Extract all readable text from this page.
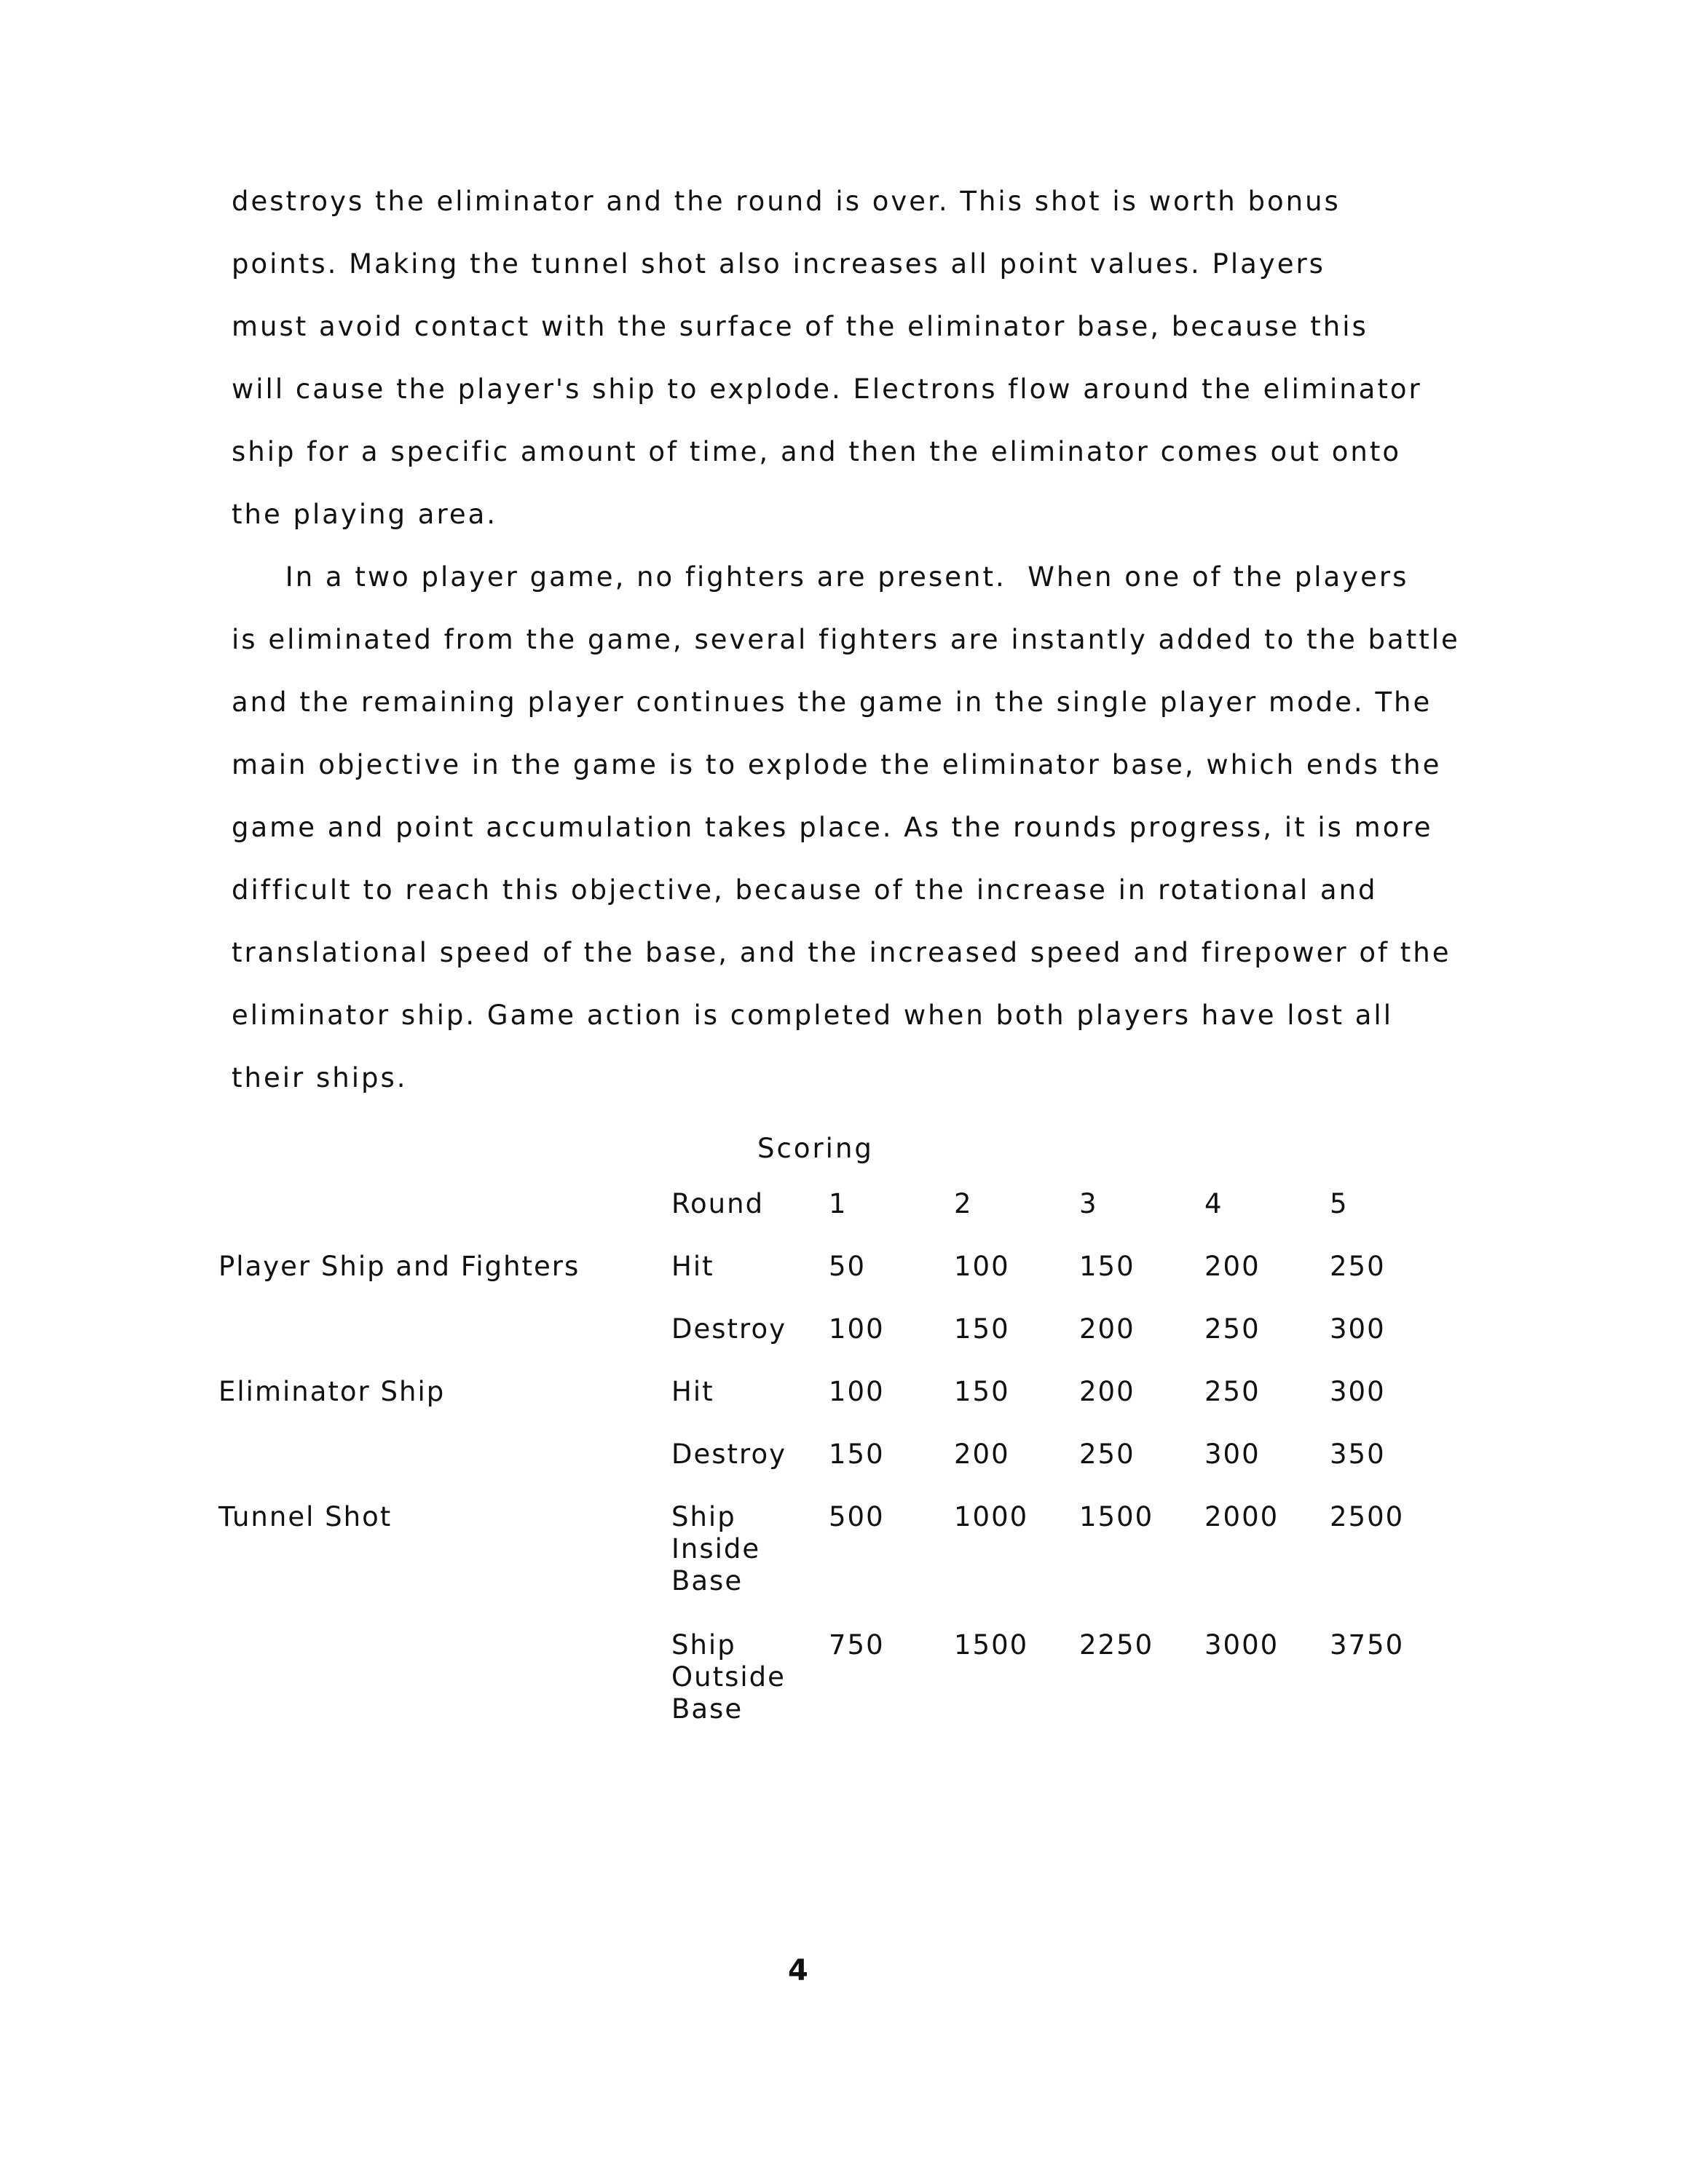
destroys the eliminator and the round is over. This shot is worth bonus
points. Making the tunnel shot also increases all point values. Players
must avoid contact with the surface of the eliminator base, because this
will cause the player's ship to explode. Electrons flow around the eliminator
ship for a specific amount of time, and then the eliminator comes out onto
the playing area.
In a two player game, no fighters are present.  When one of the players
is eliminated from the game, several fighters are instantly added to the battle
and the remaining player continues the game in the single player mode. The
main objective in the game is to explode the eliminator base, which ends the
game and point accumulation takes place. As the rounds progress, it is more
difficult to reach this objective, because of the increase in rotational and
translational speed of the base, and the increased speed and firepower of the
eliminator ship. Game action is completed when both players have lost all
their ships.
Scoring
	Round	1	2	3	4	5
Player Ship and Fighters	Hit	50	100	150	200	250
	Destroy	100	150	200	250	300
Eliminator Ship	Hit	100	150	200	250	300
	Destroy	150	200	250	300	350
Tunnel Shot	Ship
Inside
Base	500	1000	1500	2000	2500

	Ship
Outside
Base	750	1500	2250	3000	3750
4
